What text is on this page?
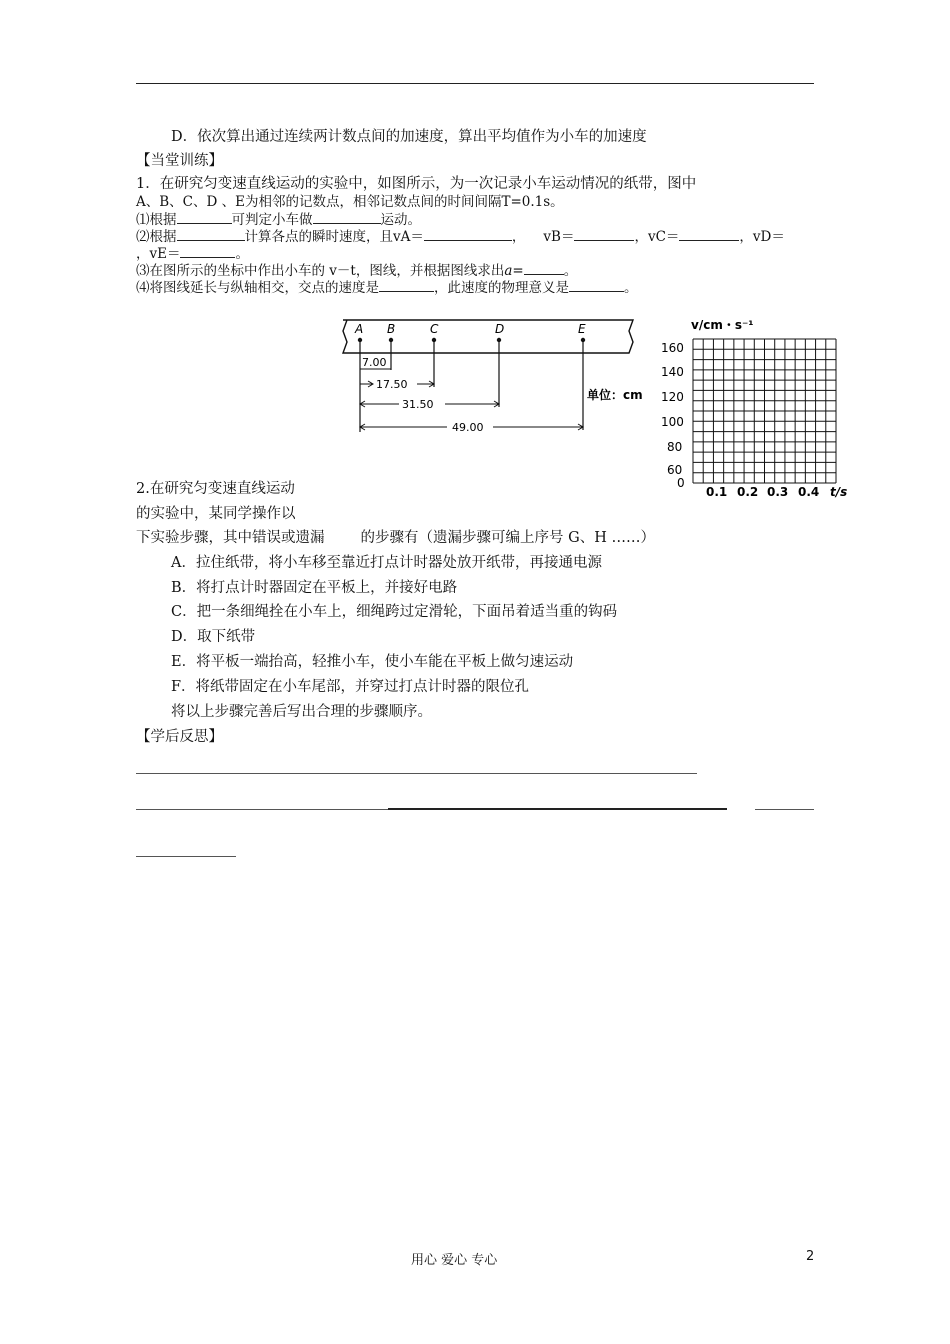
D．依次算出通过连续两计数点间的加速度，算出平均值作为小车的加速度
【当堂训练】
1．在研究匀变速直线运动的实验中，如图所示，为一次记录小车运动情况的纸带，图中
A、B、C、D 、E为相邻的记数点，相邻记数点间的时间间隔T=0.1s。
⑴根据	可判定小车做	运动。
⑵根据	计算各点的瞬时速度，且vA＝	， vB＝	，vC＝	，vD＝
，vE＝	。
⑶在图所示的坐标中作出小车的 v－t，图线，并根据图线求出a=	。
⑷将图线延长与纵轴相交，交点的速度是	，此速度的物理意义是	。
A B	C	D	E
7.00
17.50
31.50
49.00
单位：cm
v/cm・s⁻¹
160
140
120
100
80
60
0
0.1 0.2 0.3 0.4 t/s
2.在研究匀变速直线运动
的实验中，某同学操作以
下实验步骤，其中错误或遗漏 的步骤有（遗漏步骤可编上序号 G、H ……）
A．拉住纸带，将小车移至靠近打点计时器处放开纸带，再接通电源
B．将打点计时器固定在平板上，并接好电路
C．把一条细绳拴在小车上，细绳跨过定滑轮，下面吊着适当重的钩码
D．取下纸带
E．将平板一端抬高，轻推小车，使小车能在平板上做匀速运动
F．将纸带固定在小车尾部，并穿过打点计时器的限位孔
将以上步骤完善后写出合理的步骤顺序。
【学后反思】
用心 爱心 专心	2
